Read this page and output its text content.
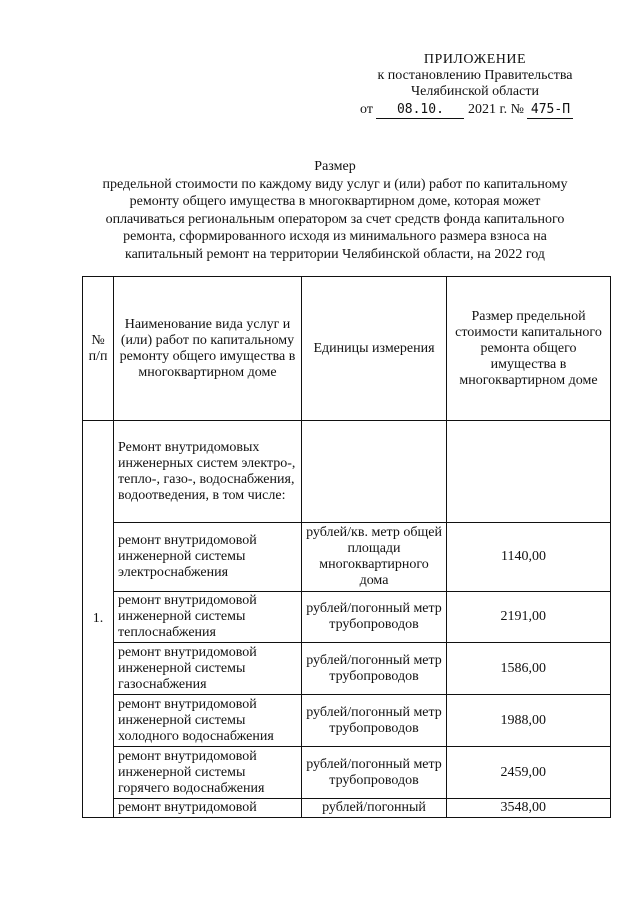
ПРИЛОЖЕНИЕ
к постановлению Правительства
Челябинской области
от 08.10. 2021 г. № 475-П
Размер
предельной стоимости по каждому виду услуг и (или) работ по капитальному
ремонту общего имущества в многоквартирном доме, которая может
оплачиваться региональным оператором за счет средств фонда капитального
ремонта, сформированного исходя из минимального размера взноса на
капитальный ремонт на территории Челябинской области, на 2022 год
№ п/п	Наименование вида услуг и (или) работ по капитальному ремонту общего имущества в многоквартирном доме	Единицы измерения	Размер предельной стоимости капитального ремонта общего имущества в многоквартирном доме
1.	Ремонт внутридомовых инженерных систем электро-, тепло-, газо-, водоснабжения, водоотведения, в том числе:		
	ремонт внутридомовой инженерной системы электроснабжения	рублей/кв. метр общей площади многоквартирного дома	1140,00
	ремонт внутридомовой инженерной системы теплоснабжения	рублей/погонный метр трубопроводов	2191,00
	ремонт внутридомовой инженерной системы газоснабжения	рублей/погонный метр трубопроводов	1586,00
	ремонт внутридомовой инженерной системы холодного водоснабжения	рублей/погонный метр трубопроводов	1988,00
	ремонт внутридомовой инженерной системы горячего водоснабжения	рублей/погонный метр трубопроводов	2459,00
	ремонт внутридомовой	рублей/погонный	3548,00
